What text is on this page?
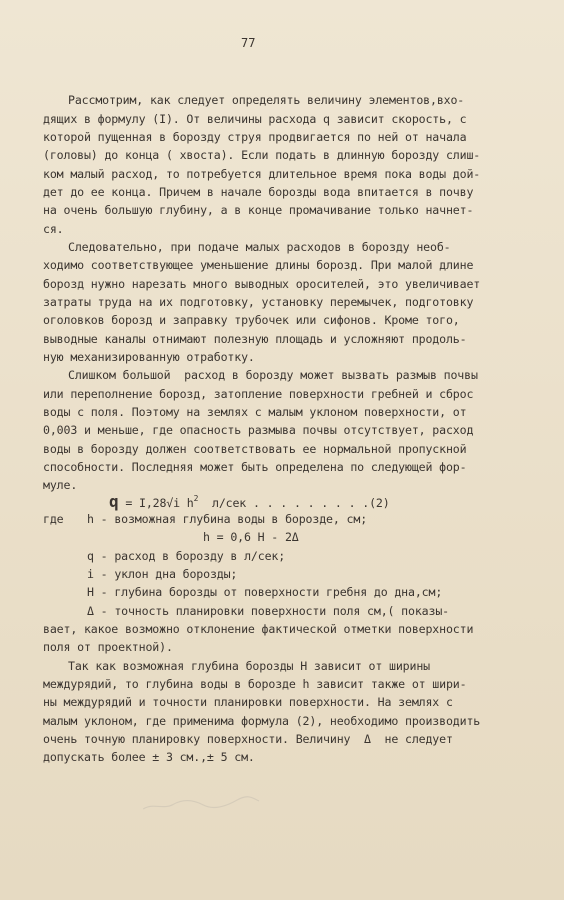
77
Рассмотрим, как следует определять величину элементов,вхо-
дящих в формулу (I). От величины расхода q зависит скорость, с
которой пущенная в борозду струя продвигается по ней от начала
(головы) до конца ( хвоста). Если подать в длинную борозду слиш-
ком малый расход, то потребуется длительное время пока воды дой-
дет до ее конца. Причем в начале борозды вода впитается в почву
на очень большую глубину, а в конце промачивание только начнет-
ся.
Следовательно, при подаче малых расходов в борозду необ-
ходимо соответствующее уменьшение длины борозд. При малой длине
борозд нужно нарезать много выводных оросителей, это увеличивает
затраты труда на их подготовку, установку перемычек, подготовку
оголовков борозд и заправку трубочек или сифонов. Кроме того,
выводные каналы отнимают полезную площадь и усложняют продоль-
ную механизированную отработку.
Слишком большой  расход в борозду может вызвать размыв почвы
или переполнение борозд, затопление поверхности гребней и сброс
воды с поля. Поэтому на землях с малым уклоном поверхности, от
0,003 и меньше, где опасность размыва почвы отсутствует, расход
воды в борозду должен соответствовать ее нормальной пропускной
способности. Последняя может быть определена по следующей фор-
муле.
q = I,28√i $h^2$ л/сек . . . . . . . . .(2)
где h - возможная глубина воды в борозде, см;
h = 0,6 H - 2Δ
q - расход в борозду в л/сек;
i - уклон дна борозды;
H - глубина борозды от поверхности гребня до дна,см;
Δ - точность планировки поверхности поля см,( показы-
вает, какое возможно отклонение фактической отметки поверхности
поля от проектной).
Так как возможная глубина борозды H зависит от ширины
междурядий, то глубина воды в борозде h зависит также от шири-
ны междурядий и точности планировки поверхности. На землях с
малым уклоном, где применима формула (2), необходимо производить
очень точную планировку поверхности. Величину  Δ  не следует
допускать более ± 3 см.,± 5 см.
